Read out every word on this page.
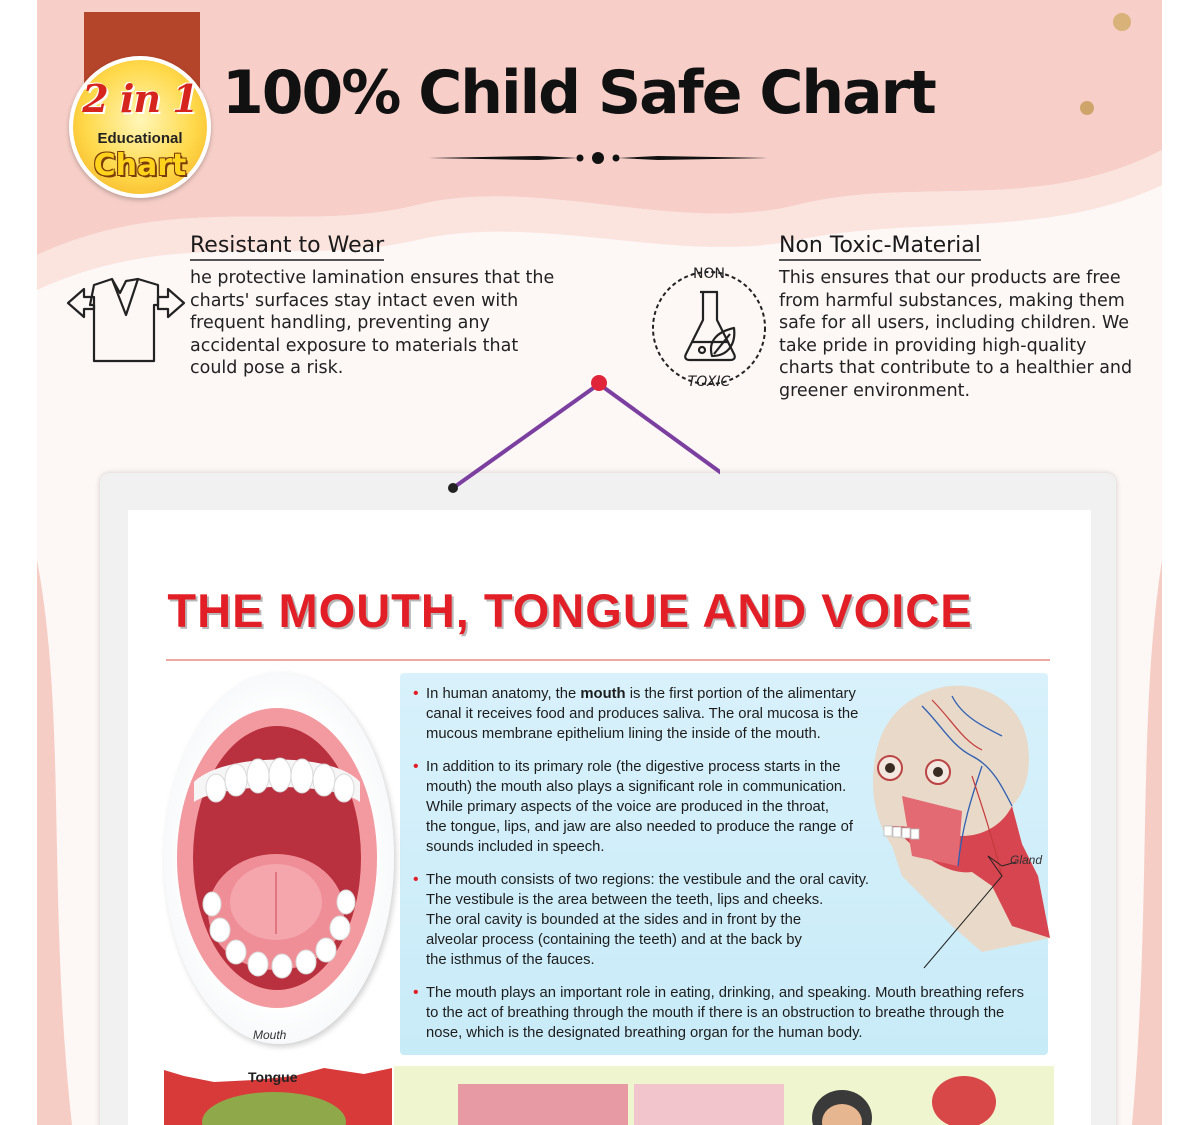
2 in 1
Educational
Chart
100% Child Safe Chart
Resistant to Wear
he protective lamination ensures that the
charts' surfaces stay intact even with
frequent handling, preventing any
accidental exposure to materials that
could pose a risk.
NON
TOXIC
Non Toxic-Material
This ensures that our products are free
from harmful substances, making them
safe for all users, including children. We
take pride in providing high-quality
charts that contribute to a healthier and
greener environment.
THE MOUTH, TONGUE AND VOICE
Mouth
• In human anatomy, the mouth is the first portion of the alimentary
canal it receives food and produces saliva. The oral mucosa is the
mucous membrane epithelium lining the inside of the mouth.
• In addition to its primary role (the digestive process starts in the
mouth) the mouth also plays a significant role in communication.
While primary aspects of the voice are produced in the throat,
the tongue, lips, and jaw are also needed to produce the range of
sounds included in speech.
• The mouth consists of two regions: the vestibule and the oral cavity.
The vestibule is the area between the teeth, lips and cheeks.
The oral cavity is bounded at the sides and in front by the
alveolar process (containing the teeth) and at the back by
the isthmus of the fauces.
• The mouth plays an important role in eating, drinking, and speaking. Mouth breathing refers
to the act of breathing through the mouth if there is an obstruction to breathe through the
nose, which is the designated breathing organ for the human body.
Gland
Tongue
